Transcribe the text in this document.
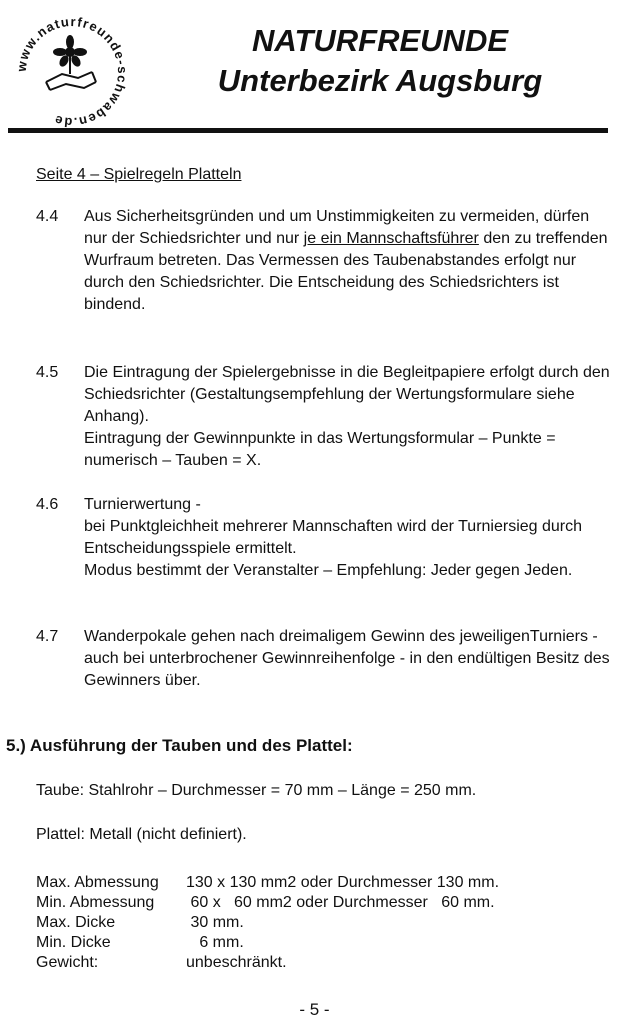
www.naturfreunde-schwaben.de
NATURFREUNDE
Unterbezirk Augsburg
Seite 4 – Spielregeln Platteln
4.4 Aus Sicherheitsgründen und um Unstimmigkeiten zu vermeiden, dürfen nur der Schiedsrichter und nur je ein Mannschaftsführer den zu treffenden Wurfraum betreten. Das Vermessen des Taubenabstandes erfolgt nur durch den Schiedsrichter. Die Entscheidung des Schiedsrichters ist bindend.

4.5 Die Eintragung der Spielergebnisse in die Begleitpapiere erfolgt durch den Schiedsrichter (Gestaltungsempfehlung der Wertungsformulare siehe Anhang).

Eintragung der Gewinnpunkte in das Wertungsformular – Punkte = numerisch – Tauben = X.

4.6 Turnierwertung -

bei Punktgleichheit mehrerer Mannschaften wird der Turniersieg durch Entscheidungsspiele ermittelt.

Modus bestimmt der Veranstalter – Empfehlung: Jeder gegen Jeden.

4.7 Wanderpokale gehen nach dreimaligem Gewinn des jeweiligenTurniers - auch bei unterbrochener Gewinnreihenfolge - in den endültigen Besitz des Gewinners über.

5.) Ausführung der Tauben und des Plattel:
Taube: Stahlrohr – Durchmesser = 70 mm – Länge = 250 mm.
Plattel: Metall (nicht definiert).
Max. Abmessung	130 x 130 mm2 oder Durchmesser 130 mm.
Min. Abmessung	60 x   60 mm2 oder Durchmesser   60 mm.
Max. Dicke	30 mm.
Min. Dicke	6 mm.
Gewicht:	unbeschränkt.
- 5 -
